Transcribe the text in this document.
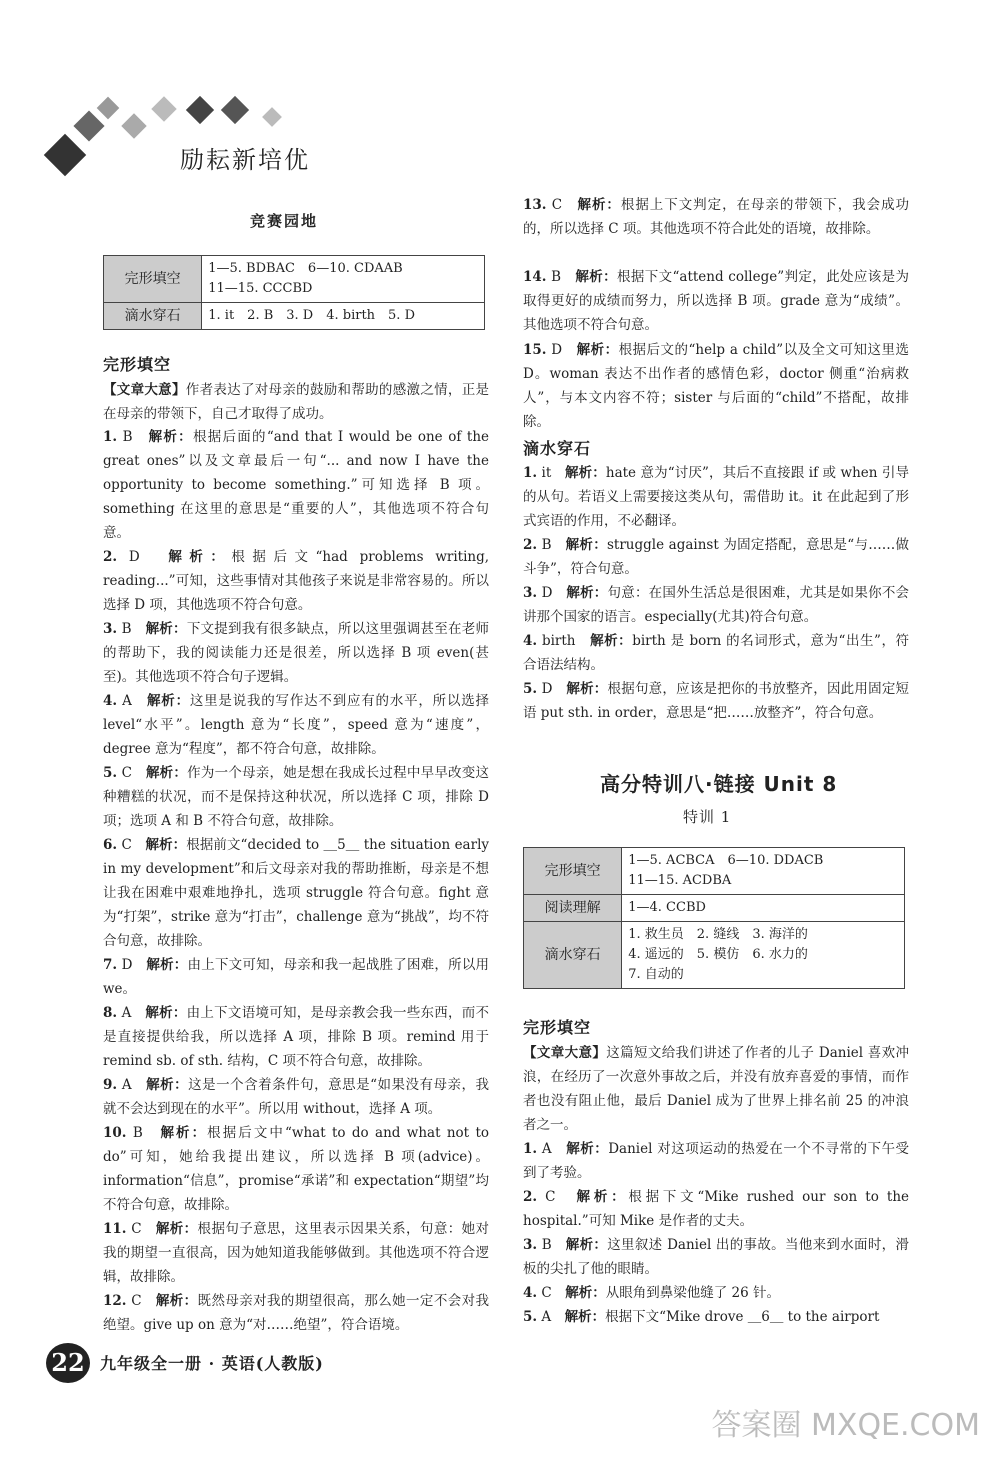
励耘新培优
竞赛园地
完形填空	1—5. BDBAC　6—10. CDAAB
11—15. CCCBD

滴水穿石	1. it　2. B　3. D　4. birth　5. D
完形填空
【文章大意】作者表达了对母亲的鼓励和帮助的感激之情，正是在母亲的带领下，自己才取得了成功。
滴水穿石
高分特训八·链接 Unit 8
特训 1
完形填空	1—5. ACBCA　6—10. DDACB
11—15. ACDBA

阅读理解	1—4. CCBD

滴水穿石	1. 救生员　2. 缝线　3. 海洋的
4. 遥远的　5. 模仿　6. 水力的
7. 自动的
完形填空
【文章大意】这篇短文给我们讲述了作者的儿子 Daniel 喜欢冲浪，在经历了一次意外事故之后，并没有放弃喜爱的事情，而作者也没有阻止他，最后 Daniel 成为了世界上排名前 25 的冲浪者之一。
22 九年级全一册 · 英语(人教版)
答案圈 MXQE.COM
1. B　 解析：根据后面的“and that I would be one of the great ones”以及文章最后一句“... and now I have the opportunity to become something.”可知选择 B 项。something 在这里的意思是“重要的人”，其他选项不符合句意。
2. D　 解析：根据后文“had problems writing, reading...”可知，这些事情对其他孩子来说是非常容易的。所以选择 D 项，其他选项不符合句意。
3. B　 解析：下文提到我有很多缺点，所以这里强调甚至在老师的帮助下，我的阅读能力还是很差，所以选择 B 项 even(甚至)。其他选项不符合句子逻辑。
4. A　 解析：这里是说我的写作达不到应有的水平，所以选择 level“水平”。length 意为“长度”，speed 意为“速度”，degree 意为“程度”，都不符合句意，故排除。
5. C　 解析：作为一个母亲，她是想在我成长过程中早早改变这种糟糕的状况，而不是保持这种状况，所以选择 C 项，排除 D 项；选项 A 和 B 不符合句意，故排除。
6. C　 解析：根据前文“decided to ＿5＿ the situation early in my development”和后文母亲对我的帮助推断，母亲是不想让我在困难中艰难地挣扎，选项 struggle 符合句意。fight 意为“打架”，strike 意为“打击”，challenge 意为“挑战”，均不符合句意，故排除。
7. D　 解析：由上下文可知，母亲和我一起战胜了困难，所以用 we。
8. A　 解析：由上下文语境可知，是母亲教会我一些东西，而不是直接提供给我，所以选择 A 项，排除 B 项。remind 用于 remind sb. of sth. 结构，C 项不符合句意，故排除。
9. A　 解析：这是一个含着条件句，意思是“如果没有母亲，我就不会达到现在的水平”。所以用 without，选择 A 项。
10. B　 解析：根据后文中“what to do and what not to do”可知，她给我提出建议，所以选择 B 项(advice)。information“信息”，promise“承诺”和 expectation“期望”均不符合句意，故排除。
11. C　 解析：根据句子意思，这里表示因果关系，句意：她对我的期望一直很高，因为她知道我能够做到。其他选项不符合逻辑，故排除。
12. C　 解析：既然母亲对我的期望很高，那么她一定不会对我绝望。give up on 意为“对……绝望”，符合语境。
13. C　 解析：根据上下文判定，在母亲的带领下，我会成功的，所以选择 C 项。其他选项不符合此处的语境，故排除。
14. B　 解析：根据下文“attend college”判定，此处应该是为取得更好的成绩而努力，所以选择 B 项。grade 意为“成绩”。其他选项不符合句意。
15. D　 解析：根据后文的“help a child”以及全文可知这里选 D。woman 表达不出作者的感情色彩，doctor 侧重“治病救人”，与本文内容不符；sister 与后面的“child”不搭配，故排除。
1. it　 解析：hate 意为“讨厌”，其后不直接跟 if 或 when 引导的从句。若语义上需要接这类从句，需借助 it。it 在此起到了形式宾语的作用，不必翻译。
2. B　 解析：struggle against 为固定搭配，意思是“与……做斗争”，符合句意。
3. D　 解析：句意：在国外生活总是很困难，尤其是如果你不会讲那个国家的语言。especially(尤其)符合句意。
4. birth　 解析：birth 是 born 的名词形式，意为“出生”，符合语法结构。
5. D　 解析：根据句意，应该是把你的书放整齐，因此用固定短语 put sth. in order，意思是“把……放整齐”，符合句意。
1. A　 解析：Daniel 对这项运动的热爱在一个不寻常的下午受到了考验。
2. C　 解析：根据下文“Mike rushed our son to the hospital.”可知 Mike 是作者的丈夫。
3. B　 解析：这里叙述 Daniel 出的事故。当他来到水面时，滑板的尖扎了他的眼睛。
4. C　 解析：从眼角到鼻梁他缝了 26 针。
5. A　 解析：根据下文“Mike drove ＿6＿ to the airport
